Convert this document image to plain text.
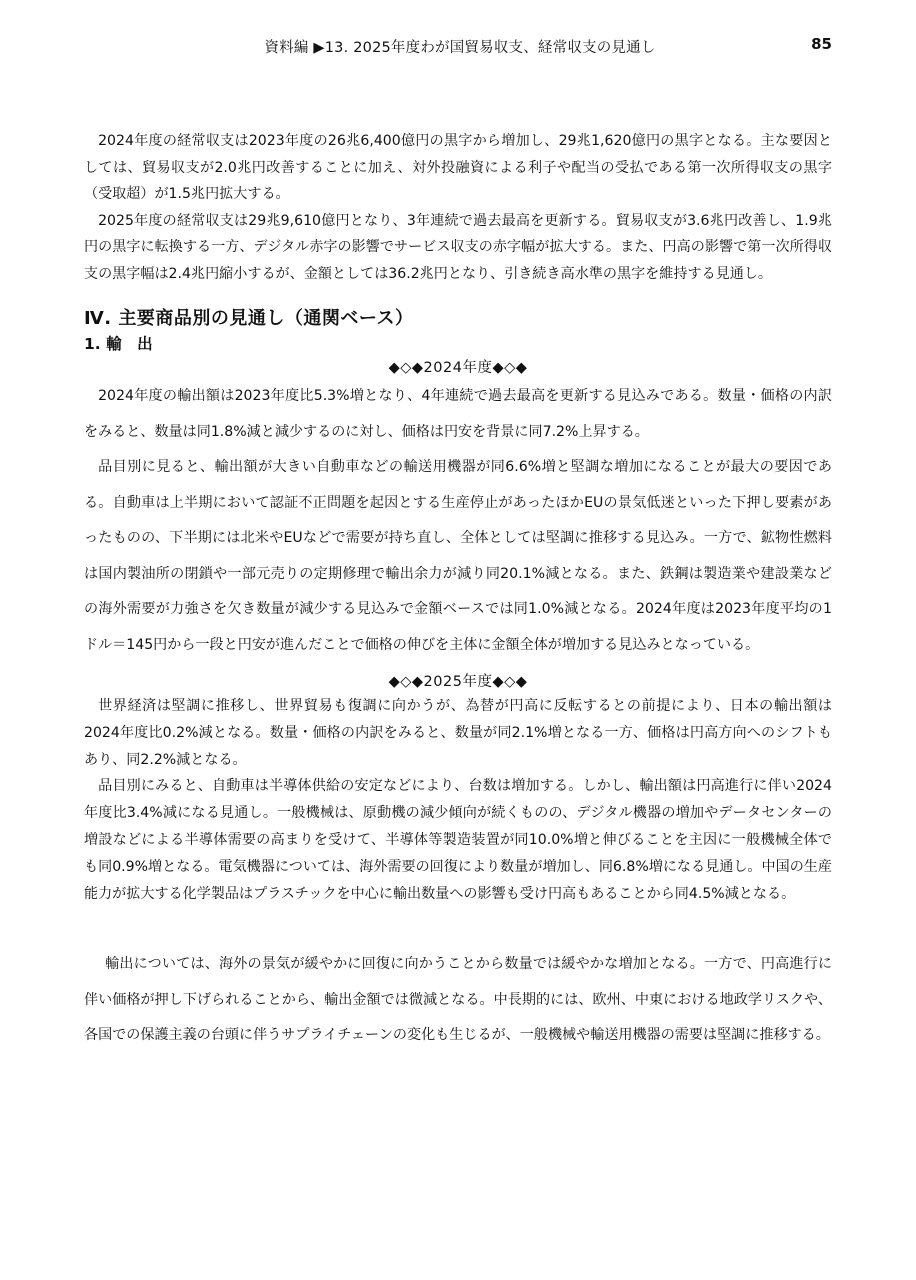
資料編 ▶13. 2025年度わが国貿易収支、経常収支の見通し	85

2024年度の経常収支は2023年度の26兆6,400億円の黒字から増加し、29兆1,620億円の黒字となる。主な要因としては、貿易収支が2.0兆円改善することに加え、対外投融資による利子や配当の受払である第一次所得収支の黒字（受取超）が1.5兆円拡大する。

2025年度の経常収支は29兆9,610億円となり、3年連続で過去最高を更新する。貿易収支が3.6兆円改善し、1.9兆円の黒字に転換する一方、デジタル赤字の影響でサービス収支の赤字幅が拡大する。また、円高の影響で第一次所得収支の黒字幅は2.4兆円縮小するが、金額としては36.2兆円となり、引き続き高水準の黒字を維持する見通し。

Ⅳ. 主要商品別の見通し（通関ベース）
1. 輸　出
◆◇◆2024年度◆◇◆

2024年度の輸出額は2023年度比5.3%増となり、4年連続で過去最高を更新する見込みである。数量・価格の内訳をみると、数量は同1.8%減と減少するのに対し、価格は円安を背景に同7.2%上昇する。

品目別に見ると、輸出額が大きい自動車などの輸送用機器が同6.6%増と堅調な増加になることが最大の要因である。自動車は上半期において認証不正問題を起因とする生産停止があったほかEUの景気低迷といった下押し要素があったものの、下半期には北米やEUなどで需要が持ち直し、全体としては堅調に推移する見込み。一方で、鉱物性燃料は国内製油所の閉鎖や一部元売りの定期修理で輸出余力が減り同20.1%減となる。また、鉄鋼は製造業や建設業などの海外需要が力強さを欠き数量が減少する見込みで金額ベースでは同1.0%減となる。2024年度は2023年度平均の1ドル＝145円から一段と円安が進んだことで価格の伸びを主体に金額全体が増加する見込みとなっている。

◆◇◆2025年度◆◇◆

世界経済は堅調に推移し、世界貿易も復調に向かうが、為替が円高に反転するとの前提により、日本の輸出額は2024年度比0.2%減となる。数量・価格の内訳をみると、数量が同2.1%増となる一方、価格は円高方向へのシフトもあり、同2.2%減となる。

品目別にみると、自動車は半導体供給の安定などにより、台数は増加する。しかし、輸出額は円高進行に伴い2024年度比3.4%減になる見通し。一般機械は、原動機の減少傾向が続くものの、デジタル機器の増加やデータセンターの増設などによる半導体需要の高まりを受けて、半導体等製造装置が同10.0%増と伸びることを主因に一般機械全体でも同0.9%増となる。電気機器については、海外需要の回復により数量が増加し、同6.8%増になる見通し。中国の生産能力が拡大する化学製品はプラスチックを中心に輸出数量への影響も受け円高もあることから同4.5%減となる。

輸出については、海外の景気が緩やかに回復に向かうことから数量では緩やかな増加となる。一方で、円高進行に伴い価格が押し下げられることから、輸出金額では微減となる。中長期的には、欧州、中東における地政学リスクや、各国での保護主義の台頭に伴うサプライチェーンの変化も生じるが、一般機械や輸送用機器の需要は堅調に推移する。
